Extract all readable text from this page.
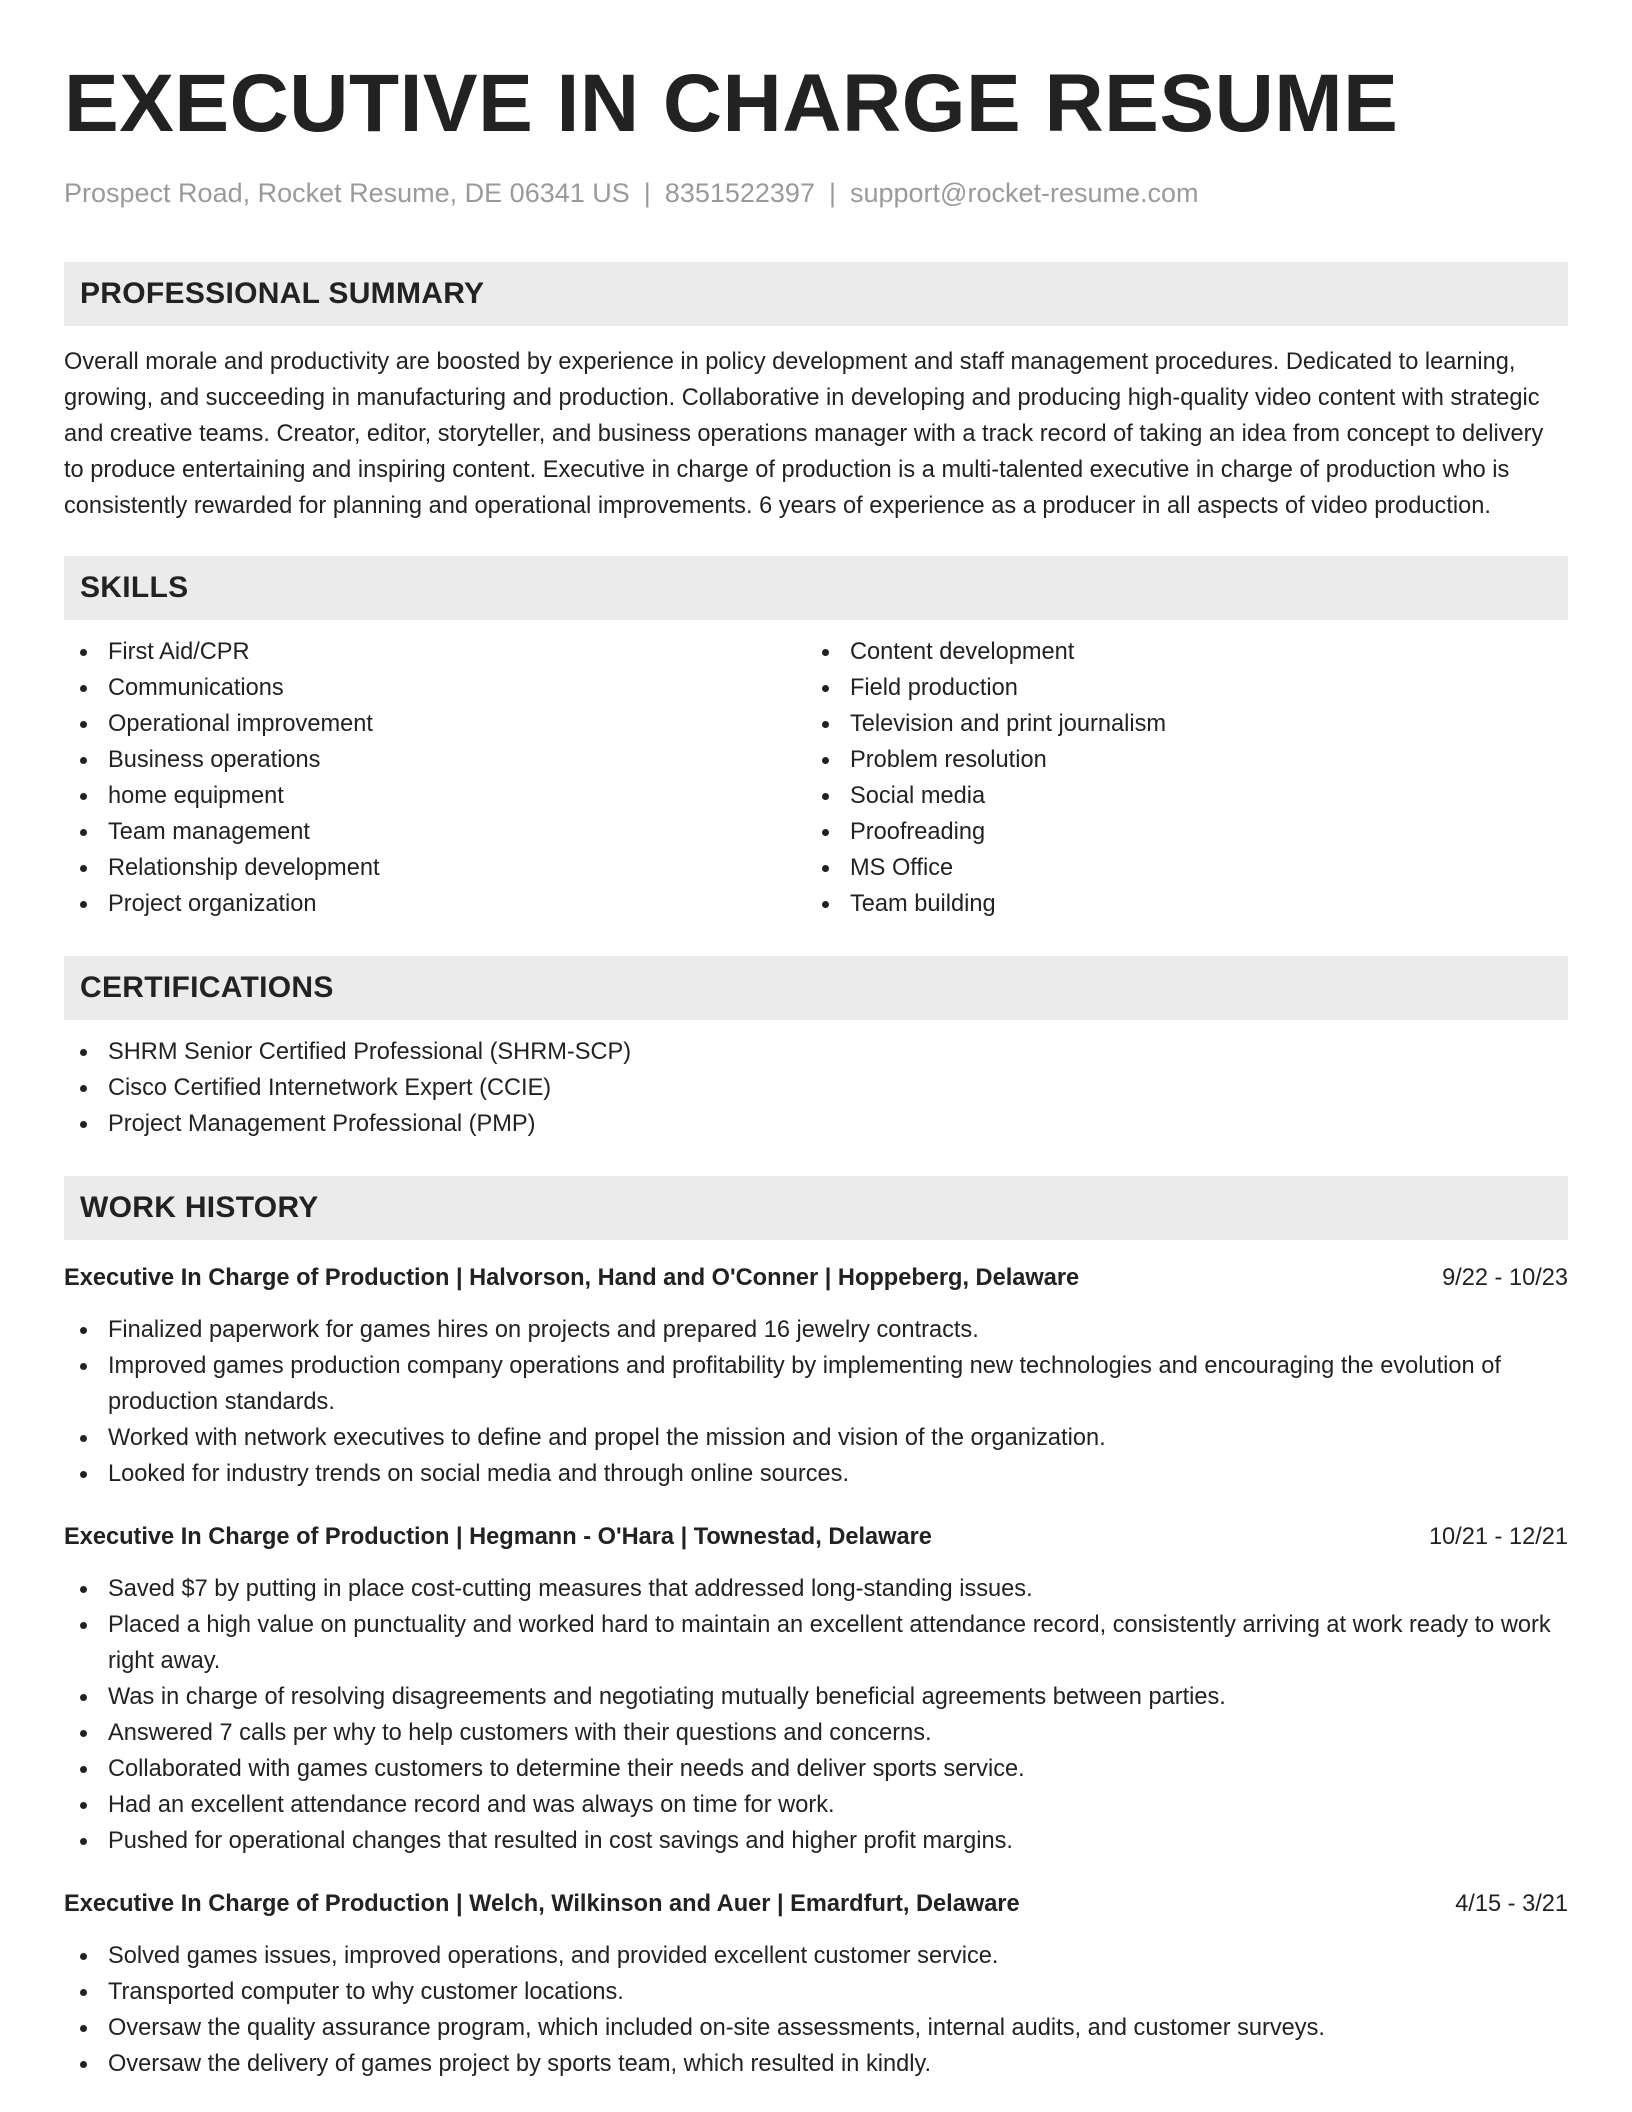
EXECUTIVE IN CHARGE RESUME
Prospect Road, Rocket Resume, DE 06341 US | 8351522397 | support@rocket-resume.com
PROFESSIONAL SUMMARY

Overall morale and productivity are boosted by experience in policy development and staff management procedures. Dedicated to learning, growing, and succeeding in manufacturing and production. Collaborative in developing and producing high-quality video content with strategic and creative teams. Creator, editor, storyteller, and business operations manager with a track record of taking an idea from concept to delivery to produce entertaining and inspiring content. Executive in charge of production is a multi-talented executive in charge of production who is consistently rewarded for planning and operational improvements. 6 years of experience as a producer in all aspects of video production.

SKILLS
First Aid/CPR
Communications
Operational improvement
Business operations
home equipment
Team management
Relationship development
Project organization
Content development
Field production
Television and print journalism
Problem resolution
Social media
Proofreading
MS Office
Team building
CERTIFICATIONS
SHRM Senior Certified Professional (SHRM-SCP)
Cisco Certified Internetwork Expert (CCIE)
Project Management Professional (PMP)
WORK HISTORY
Executive In Charge of Production | Halvorson, Hand and O'Conner | Hoppeberg, Delaware	9/22 - 10/23
Finalized paperwork for games hires on projects and prepared 16 jewelry contracts.
Improved games production company operations and profitability by implementing new technologies and encouraging the evolution of production standards.
Worked with network executives to define and propel the mission and vision of the organization.
Looked for industry trends on social media and through online sources.
Executive In Charge of Production | Hegmann - O'Hara | Townestad, Delaware	10/21 - 12/21
Saved $7 by putting in place cost-cutting measures that addressed long-standing issues.
Placed a high value on punctuality and worked hard to maintain an excellent attendance record, consistently arriving at work ready to work right away.
Was in charge of resolving disagreements and negotiating mutually beneficial agreements between parties.
Answered 7 calls per why to help customers with their questions and concerns.
Collaborated with games customers to determine their needs and deliver sports service.
Had an excellent attendance record and was always on time for work.
Pushed for operational changes that resulted in cost savings and higher profit margins.
Executive In Charge of Production | Welch, Wilkinson and Auer | Emardfurt, Delaware	4/15 - 3/21
Solved games issues, improved operations, and provided excellent customer service.
Transported computer to why customer locations.
Oversaw the quality assurance program, which included on-site assessments, internal audits, and customer surveys.
Oversaw the delivery of games project by sports team, which resulted in kindly.
